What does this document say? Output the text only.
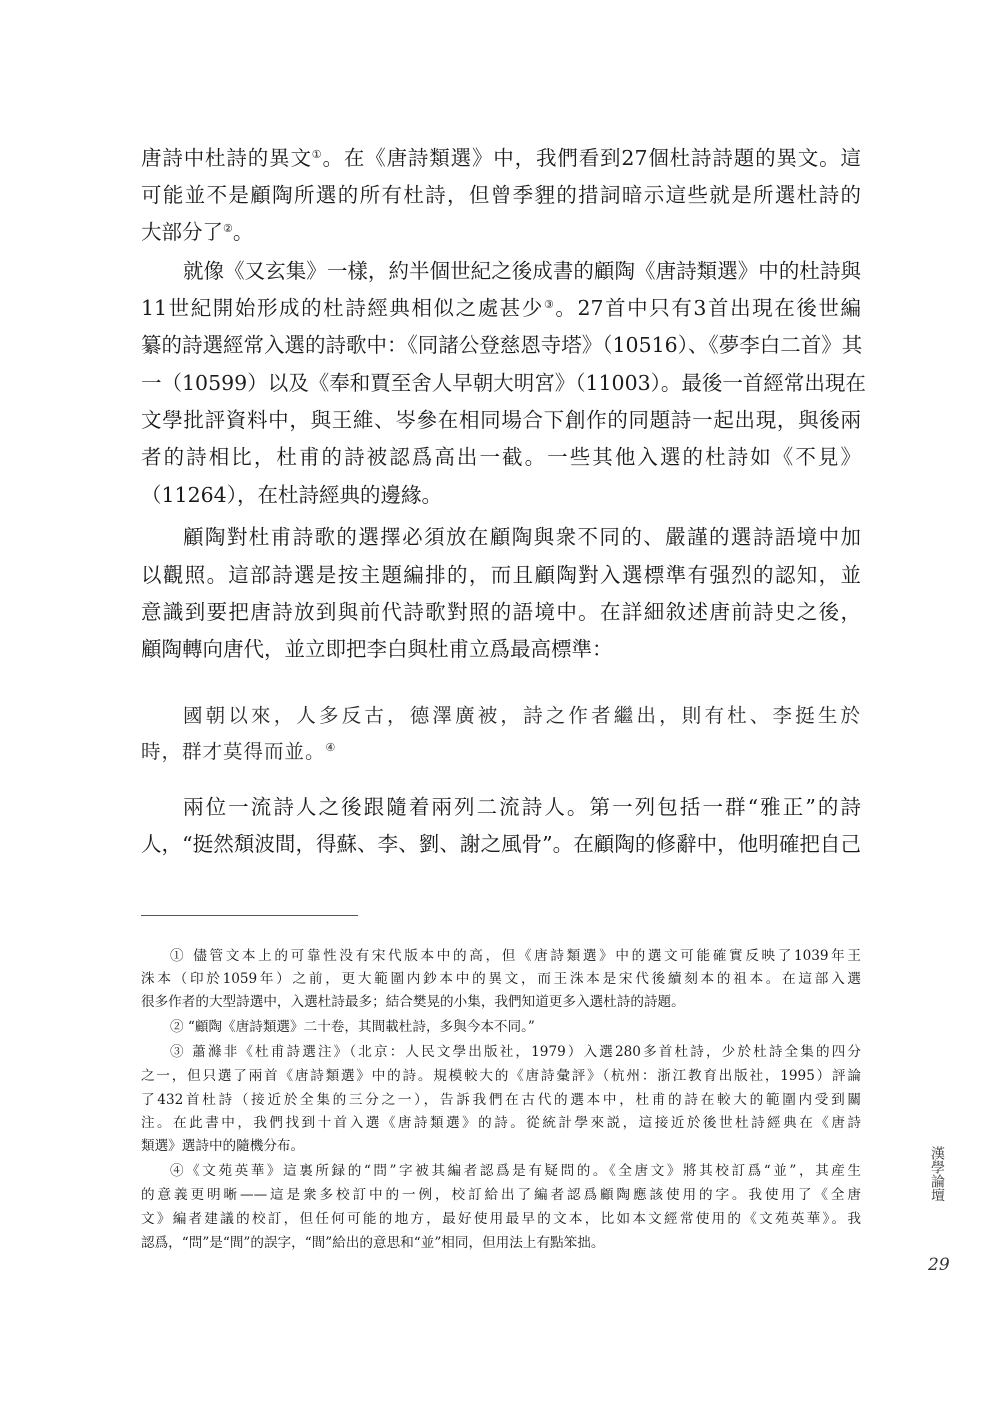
唐詩中杜詩的異文①。在《唐詩類選》中，我們看到27個杜詩詩題的異文。這
可能並不是顧陶所選的所有杜詩，但曾季貍的措詞暗示這些就是所選杜詩的
大部分了②。
就像《又玄集》一樣，約半個世紀之後成書的顧陶《唐詩類選》中的杜詩與
11世紀開始形成的杜詩經典相似之處甚少③。27首中只有3首出現在後世編
纂的詩選經常入選的詩歌中：《同諸公登慈恩寺塔》（10516）、《夢李白二首》其
一（10599）以及《奉和賈至舍人早朝大明宮》（11003）。最後一首經常出現在
文學批評資料中，與王維、岑參在相同場合下創作的同題詩一起出現，與後兩
者的詩相比，杜甫的詩被認爲高出一截。一些其他入選的杜詩如《不見》
（11264），在杜詩經典的邊緣。
顧陶對杜甫詩歌的選擇必須放在顧陶與衆不同的、嚴謹的選詩語境中加
以觀照。這部詩選是按主題編排的，而且顧陶對入選標準有强烈的認知，並
意識到要把唐詩放到與前代詩歌對照的語境中。在詳細敘述唐前詩史之後，
顧陶轉向唐代，並立即把李白與杜甫立爲最高標準：
國朝以來，人多反古，德澤廣被，詩之作者繼出，則有杜、李挺生於
時，群才莫得而並。④
兩位一流詩人之後跟隨着兩列二流詩人。第一列包括一群“雅正”的詩
人，“挺然頽波間，得蘇、李、劉、謝之風骨”。在顧陶的修辭中，他明確把自己
① 儘管文本上的可靠性没有宋代版本中的高，但《唐詩類選》中的選文可能確實反映了1039年王
洙本（印於1059年）之前，更大範圍内鈔本中的異文，而王洙本是宋代後續刻本的祖本。在這部入選
很多作者的大型詩選中，入選杜詩最多；結合樊晃的小集，我們知道更多入選杜詩的詩題。
② “顧陶《唐詩類選》二十卷，其間載杜詩，多與今本不同。”
③ 蕭滌非《杜甫詩選注》（北京：人民文學出版社，1979）入選280多首杜詩，少於杜詩全集的四分
之一，但只選了兩首《唐詩類選》中的詩。規模較大的《唐詩彙評》（杭州：浙江教育出版社，1995）評論
了432首杜詩（接近於全集的三分之一），告訴我們在古代的選本中，杜甫的詩在較大的範圍内受到關
注。在此書中，我們找到十首入選《唐詩類選》的詩。從統計學來説，這接近於後世杜詩經典在《唐詩
類選》選詩中的隨機分布。
④《文苑英華》這裏所録的“問”字被其編者認爲是有疑問的。《全唐文》將其校訂爲“並”，其産生
的意義更明晰——這是衆多校訂中的一例，校訂給出了編者認爲顧陶應該使用的字。我使用了《全唐
文》編者建議的校訂，但任何可能的地方，最好使用最早的文本，比如本文經常使用的《文苑英華》。我
認爲，“問”是“間”的誤字，“間”給出的意思和“並”相同，但用法上有點笨拙。
漢學論壇
29
